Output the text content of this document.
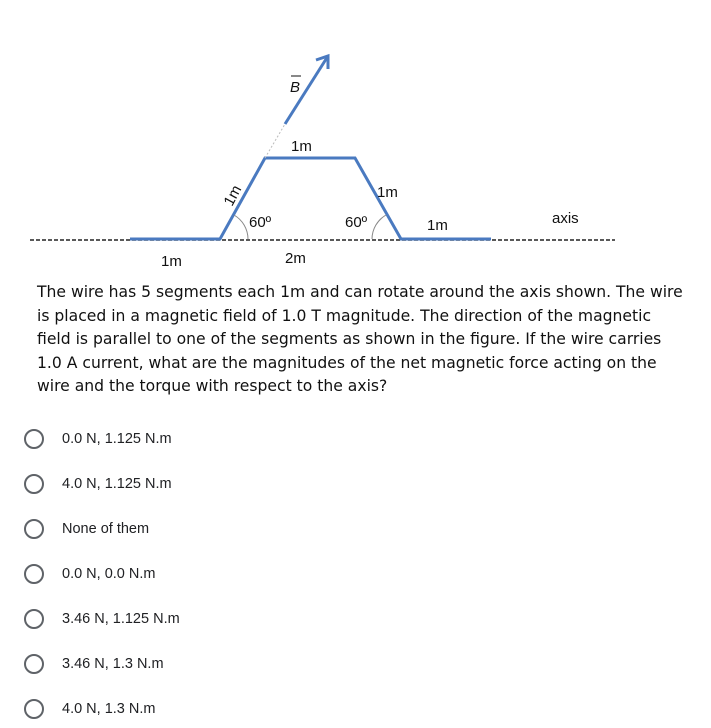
B
1m
1m	1m
60º	60º	1m	axis
1m	2m
The wire has 5 segments each 1m and can rotate around the axis shown. The wire is placed in a magnetic field of 1.0 T magnitude. The direction of the magnetic field is parallel to one of the segments as shown in the figure. If the wire carries 1.0 A current, what are the magnitudes of the net magnetic force acting on the wire and the torque with respect to the axis?
0.0 N, 1.125 N.m
4.0 N, 1.125 N.m
None of them
0.0 N, 0.0 N.m
3.46 N, 1.125 N.m
3.46 N, 1.3 N.m
4.0 N, 1.3 N.m
